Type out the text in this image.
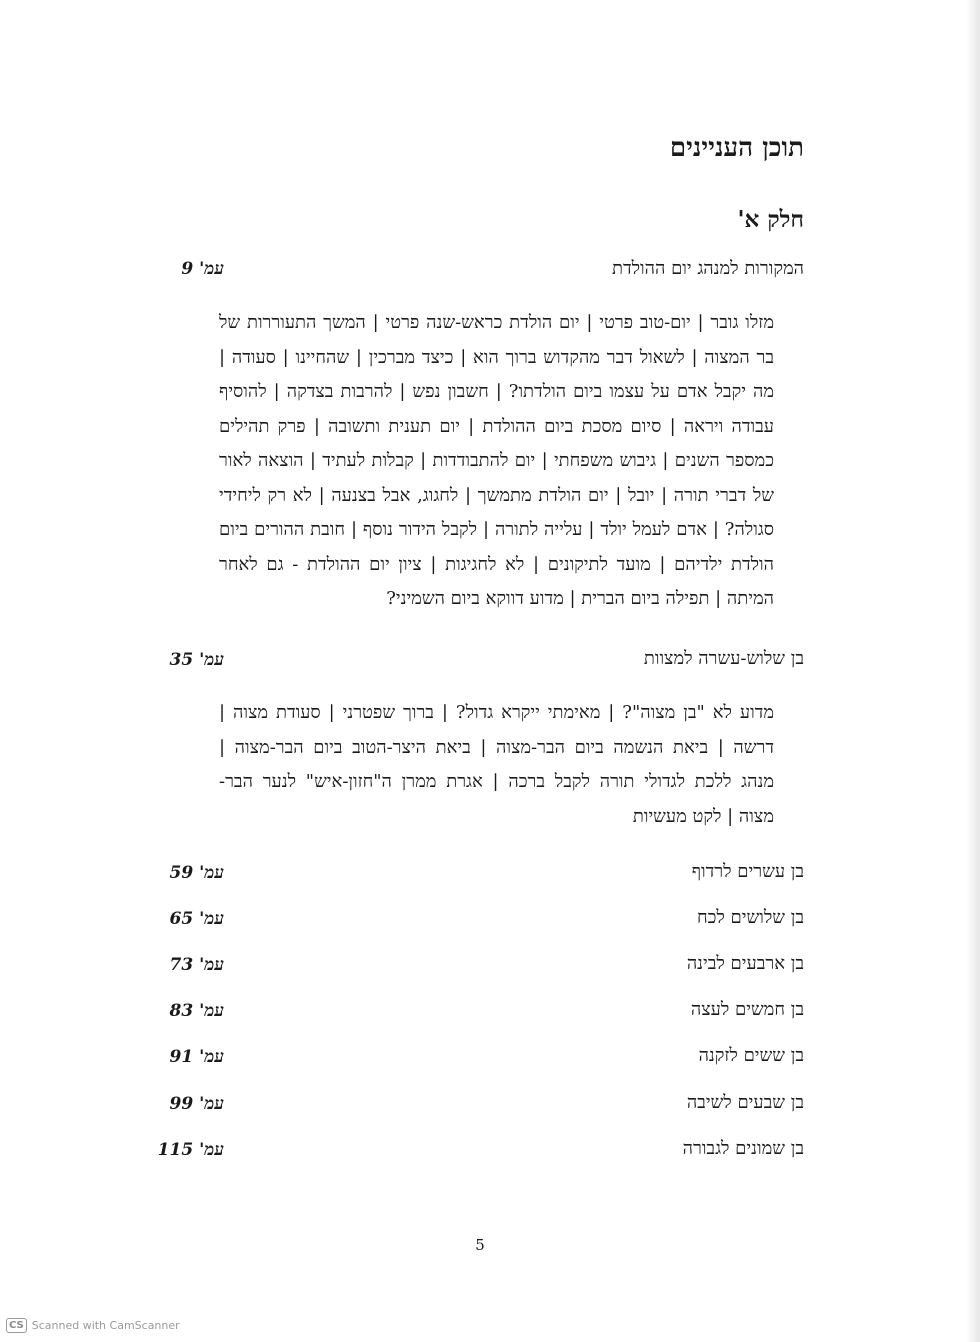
תוכן העניינים
חלק א'
המקורות למנהג יום ההולדת
עמ' 9
מזלו גובר | יום-טוב פרטי | יום הולדת כראש-שנה פרטי | המשך התעוררות של
בר המצוה | לשאול דבר מהקדוש ברוך הוא | כיצד מברכין | שהחיינו | סעודה |
מה יקבל אדם על עצמו ביום הולדתו? | חשבון נפש | להרבות בצדקה | להוסיף
עבודה ויראה | סיום מסכת ביום ההולדת | יום תענית ותשובה | פרק תהילים
כמספר השנים | גיבוש משפחתי | יום להתבודדות | קבלות לעתיד | הוצאה לאור
של דברי תורה | יובל | יום הולדת מתמשך | לחגוג, אבל בצנעה | לא רק ליחידי
סגולה? | אדם לעמל יולד | עלייה לתורה | לקבל הידור נוסף | חובת ההורים ביום
הולדת ילדיהם | מועד לתיקונים | לא לחגיגות | ציון יום ההולדת - גם לאחר
המיתה | תפילה ביום הברית | מדוע דווקא ביום השמיני?
בן שלוש-עשרה למצוות
עמ' 35
מדוע לא "בן מצוה"? | מאימתי ייקרא גדול? | ברוך שפטרני | סעודת מצוה |
דרשה | ביאת הנשמה ביום הבר-מצוה | ביאת היצר-הטוב ביום הבר-מצוה |
מנהג ללכת לגדולי תורה לקבל ברכה | אגרת ממרן ה"חזון-איש" לנער הבר-
מצוה | לקט מעשיות
בן עשרים לרדוף
עמ' 59
בן שלושים לכח
עמ' 65
בן ארבעים לבינה
עמ' 73
בן חמשים לעצה
עמ' 83
בן ששים לזקנה
עמ' 91
בן שבעים לשיבה
עמ' 99
בן שמונים לגבורה
עמ' 115
5
CS Scanned with CamScanner
